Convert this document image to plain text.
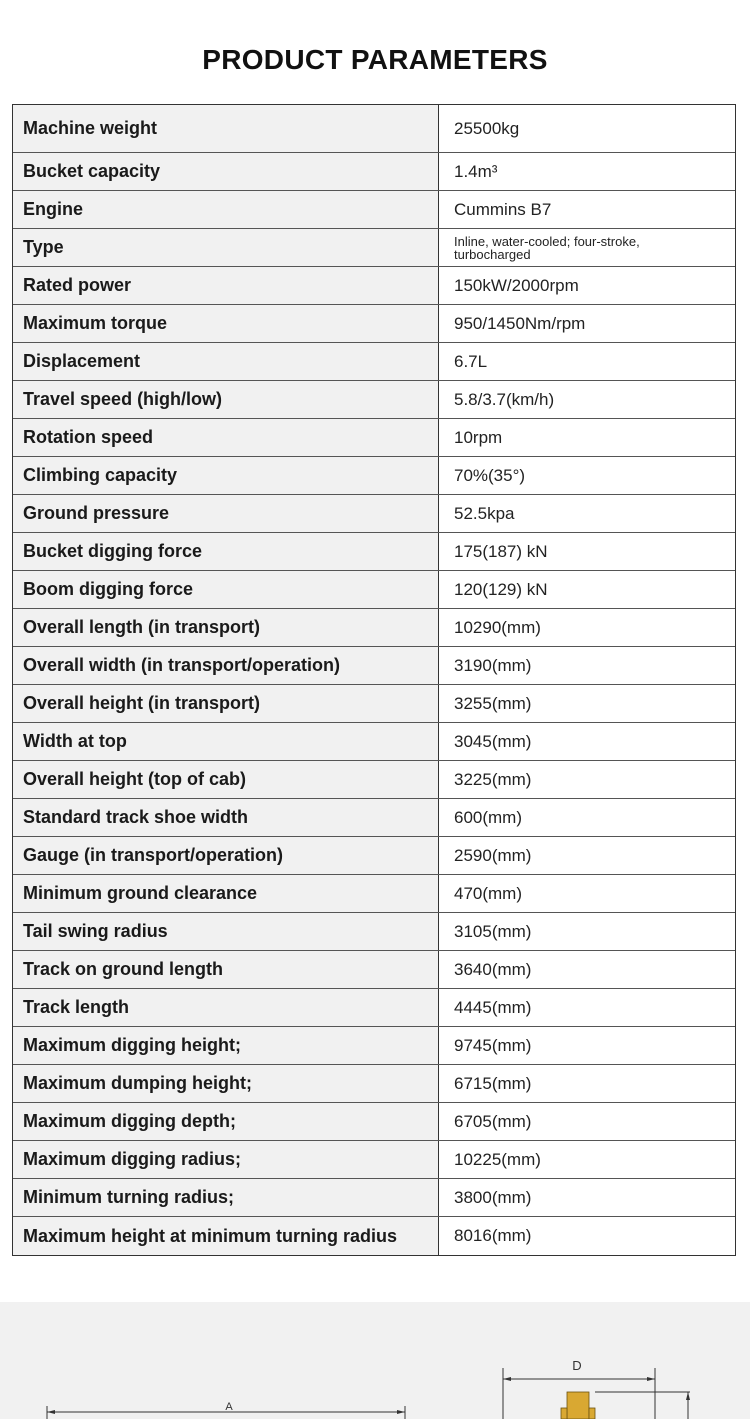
PRODUCT PARAMETERS
Machine weight	25500kg
Bucket capacity	1.4m³
Engine	Cummins B7
Type	Inline, water-cooled; four-stroke, turbocharged
Rated power	150kW/2000rpm
Maximum torque	950/1450Nm/rpm
Displacement	6.7L
Travel speed (high/low)	5.8/3.7(km/h)
Rotation speed	10rpm
Climbing capacity	70%(35°)
Ground pressure	52.5kpa
Bucket digging force	175(187) kN
Boom digging force	120(129) kN
Overall length (in transport)	10290(mm)
Overall width (in transport/operation)	3190(mm)
Overall height (in transport)	3255(mm)
Width at top	3045(mm)
Overall height (top of cab)	3225(mm)
Standard track shoe width	600(mm)
Gauge (in transport/operation)	2590(mm)
Minimum ground clearance	470(mm)
Tail swing radius	3105(mm)
Track on ground length	3640(mm)
Track length	4445(mm)
Maximum digging height;	9745(mm)
Maximum dumping height;	6715(mm)
Maximum digging depth;	6705(mm)
Maximum digging radius;	10225(mm)
Minimum turning radius;	3800(mm)
Maximum height at minimum turning radius	8016(mm)
A
D
